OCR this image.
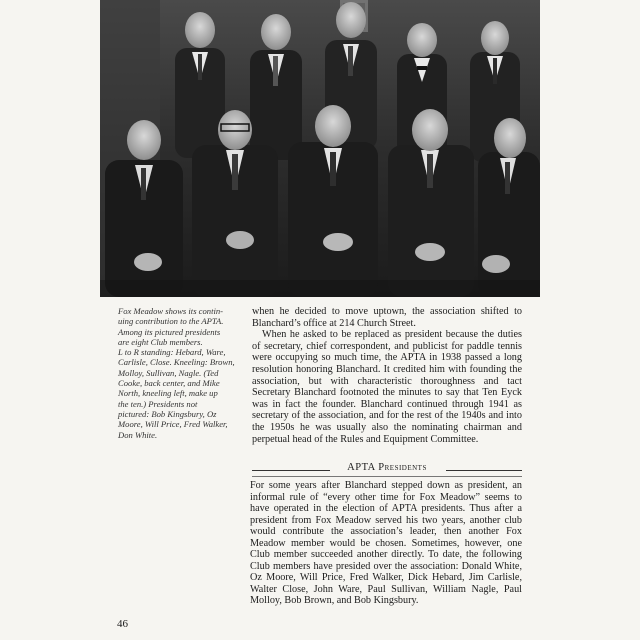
Fox Meadow shows its contin-

uing contribution to the APTA.

Among its pictured presidents

are eight Club members.

L to R standing: Hebard, Ware,

Carlisle, Close. Kneeling: Brown,

Molloy, Sullivan, Nagle. (Ted

Cooke, back center, and Mike

North, kneeling left, make up

the ten.) Presidents not

pictured: Bob Kingsbury, Oz

Moore, Will Price, Fred Walker,

Don White.

when he decided to move uptown, the association shifted to Blanchard’s office at 214 Church Street.

When he asked to be replaced as president because the duties of secretary, chief correspondent, and publicist for paddle tennis were occupying so much time, the APTA in 1938 passed a long resolution honoring Blanchard. It credited him with founding the association, but with characteristic thoroughness and tact Secretary Blanchard footnoted the minutes to say that Ten Eyck was in fact the founder. Blanchard continued through 1941 as secretary of the association, and for the rest of the 1940s and into the 1950s he was usually also the nominating chairman and perpetual head of the Rules and Equipment Committee.

APTA Presidents

For some years after Blanchard stepped down as president, an informal rule of “every other time for Fox Meadow” seems to have operated in the election of APTA presidents. Thus after a president from Fox Meadow served his two years, another club would contribute the association’s leader, then another Fox Meadow member would be chosen. Sometimes, however, one Club member succeeded another directly. To date, the following Club members have presided over the association: Donald White, Oz Moore, Will Price, Fred Walker, Dick Hebard, Jim Carlisle, Walter Close, John Ware, Paul Sullivan, William Nagle, Paul Molloy, Bob Brown, and Bob Kingsbury.

46
